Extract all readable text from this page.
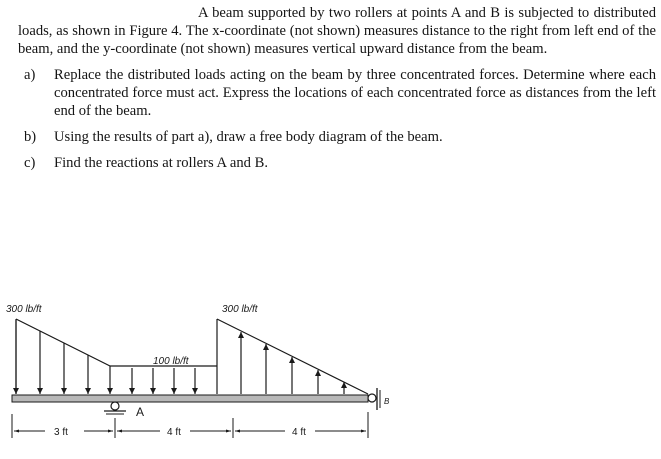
A beam supported by two rollers at points A and B is subjected to distributed loads, as shown in Figure 4. The x-coordinate (not shown) measures distance to the right from left end of the beam, and the y-coordinate (not shown) measures vertical upward distance from the beam.

a)	Replace the distributed loads acting on the beam by three concentrated forces. Determine where each concentrated force must act. Express the locations of each concentrated force as distances from the left end of the beam.
b)	Using the results of part a), draw a free body diagram of the beam.
c)	Find the reactions at rollers A and B.
300 lb/ft	300 lb/ft
100 lb/ft
A
B
3 ft	4 ft	4 ft
